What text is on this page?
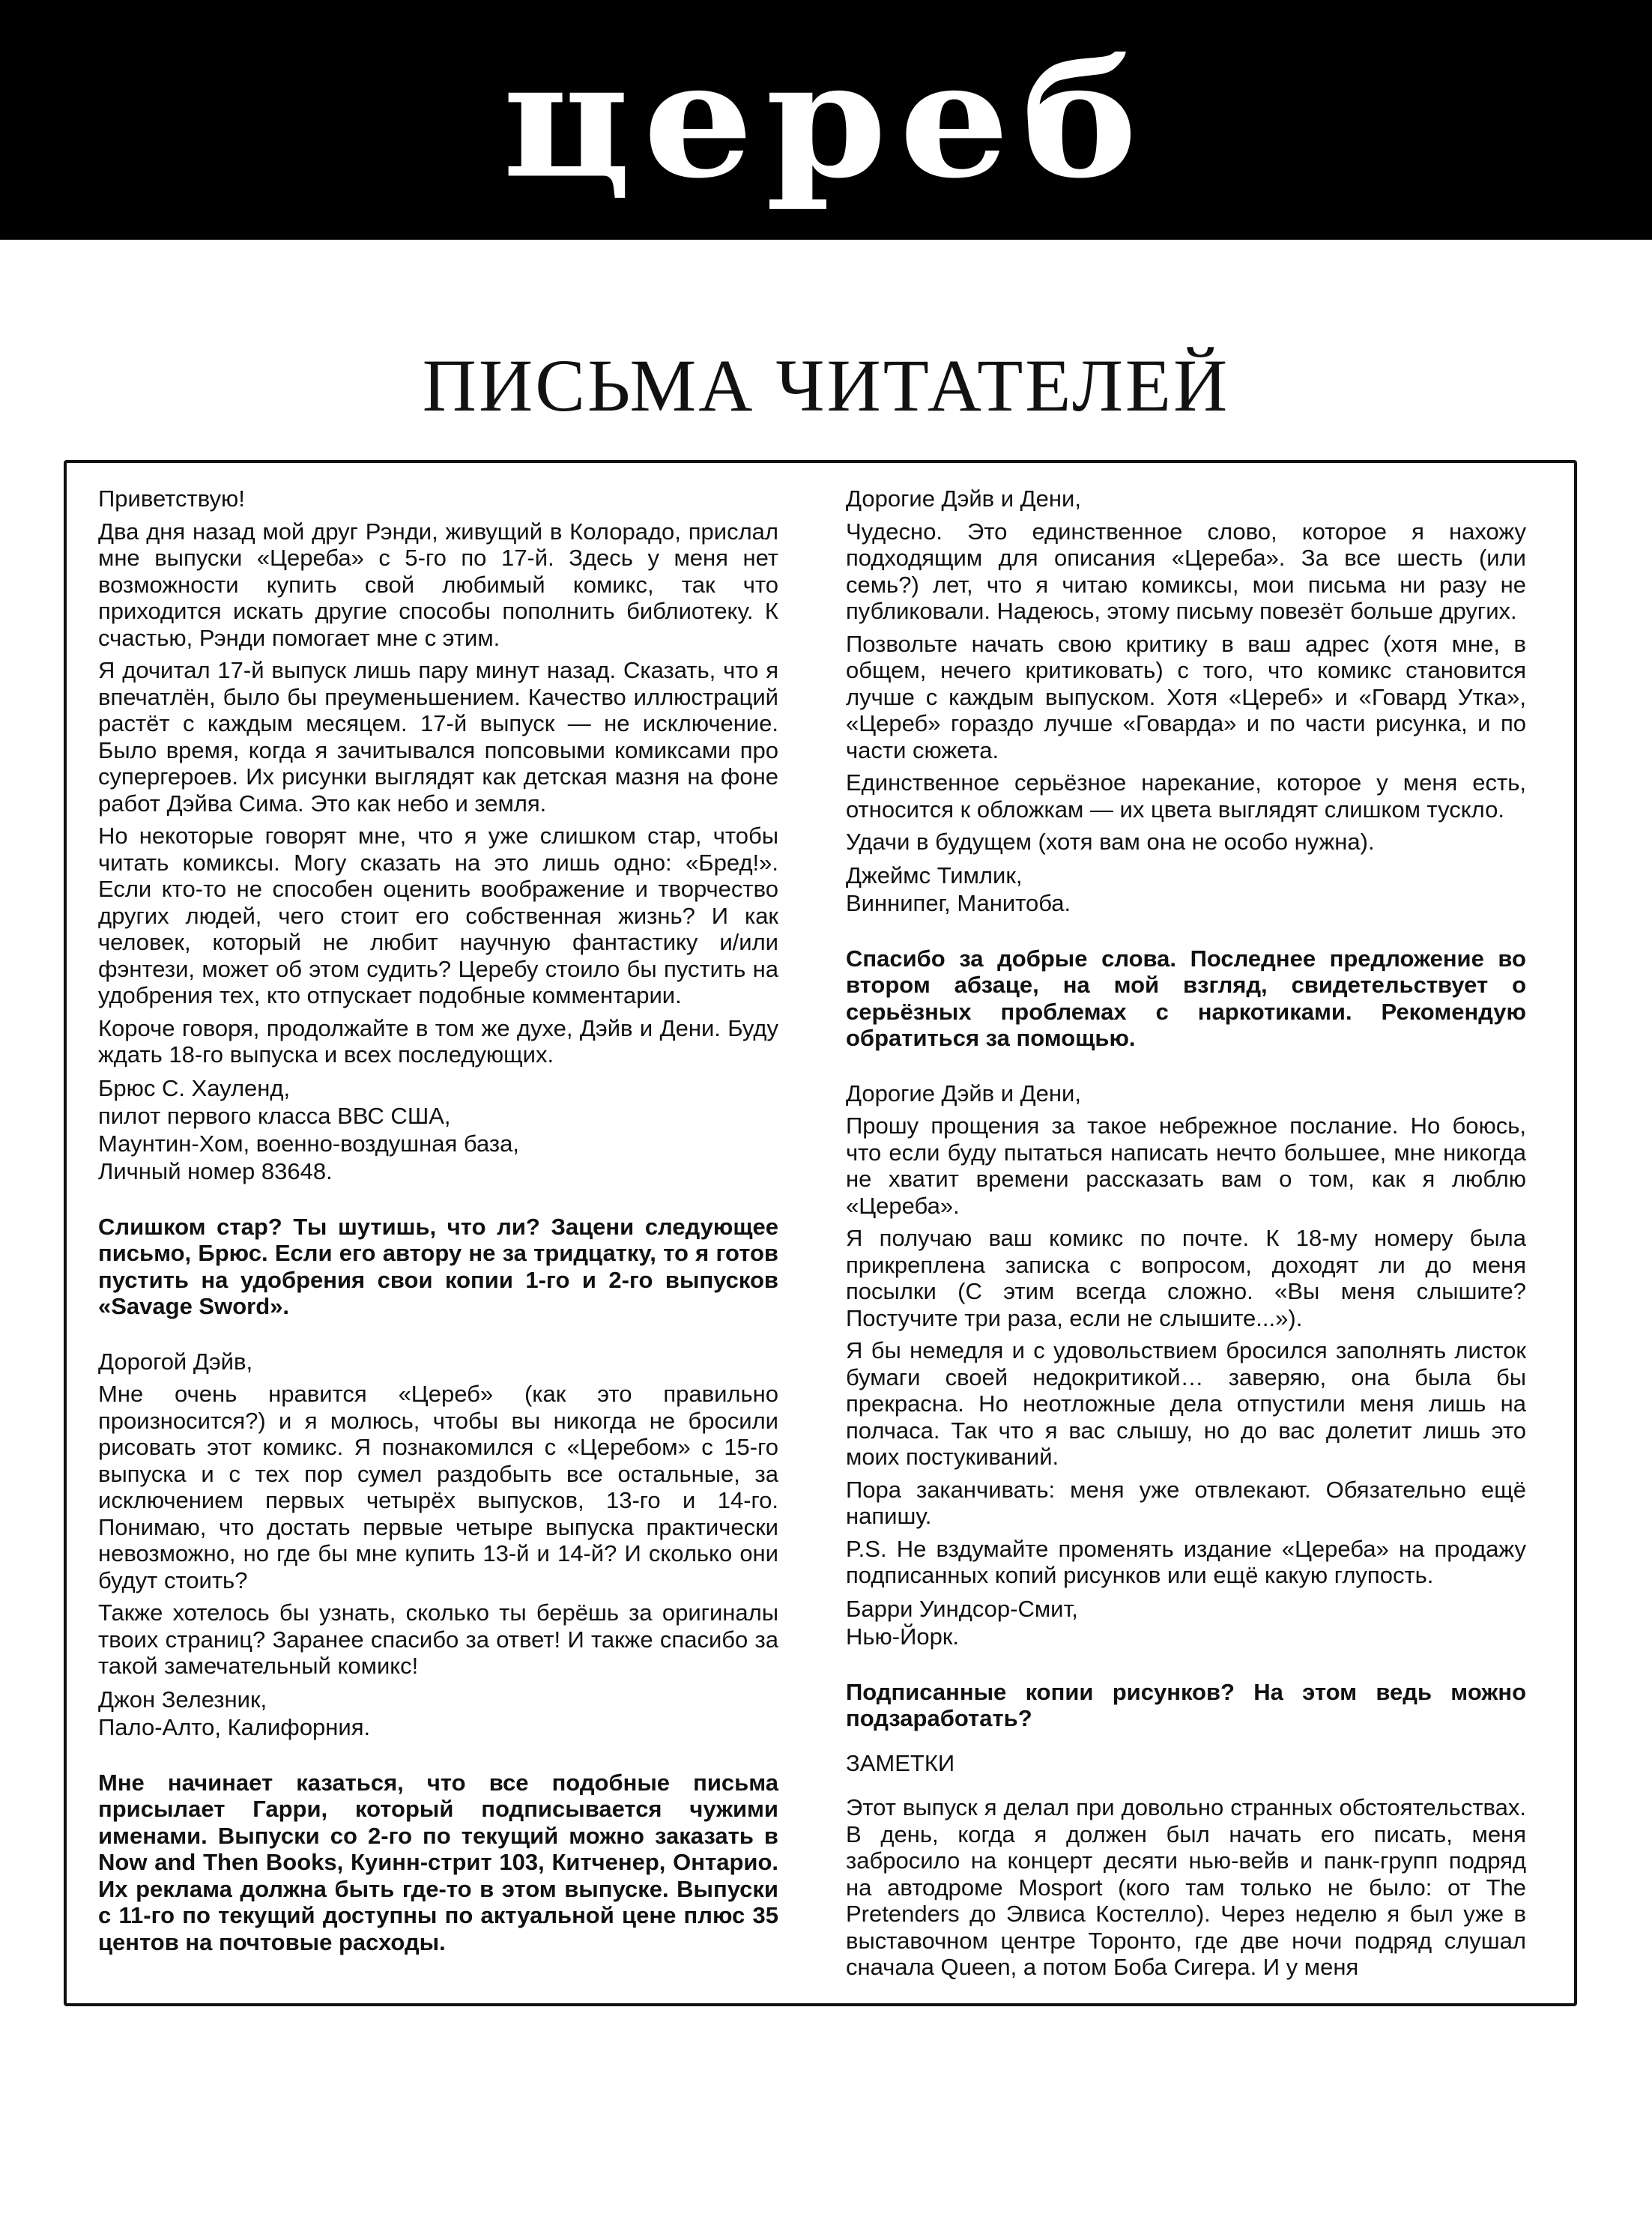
цереб
ПИСЬМА ЧИТАТЕЛЕЙ

Приветствую!

Два дня назад мой друг Рэнди, живущий в Колорадо, прислал мне выпуски «Цереба» с 5-го по 17-й. Здесь у меня нет возможности купить свой любимый комикс, так что приходится искать другие способы пополнить библиотеку. К счастью, Рэнди помогает мне с этим.

Я дочитал 17-й выпуск лишь пару минут назад. Сказать, что я впечатлён, было бы преуменьшением. Качество иллюстраций растёт с каждым месяцем. 17-й выпуск — не исключение. Было время, когда я зачитывался попсовыми комиксами про супергероев. Их рисунки выглядят как детская мазня на фоне работ Дэйва Сима. Это как небо и земля.

Но некоторые говорят мне, что я уже слишком стар, чтобы читать комиксы. Могу сказать на это лишь одно: «Бред!». Если кто-то не способен оценить воображение и творчество других людей, чего стоит его собственная жизнь? И как человек, который не любит научную фантастику и/или фэнтези, может об этом судить? Церебу стоило бы пустить на удобрения тех, кто отпускает подобные комментарии.

Короче говоря, продолжайте в том же духе, Дэйв и Дени. Буду ждать 18-го выпуска и всех последующих.

Брюс С. Хауленд,

пилот первого класса ВВС США,

Маунтин-Хом, военно-воздушная база,

Личный номер 83648.

Слишком стар? Ты шутишь, что ли? Зацени следующее письмо, Брюс. Если его автору не за тридцатку, то я готов пустить на удобрения свои копии 1-го и 2-го выпусков «Savage Sword».

Дорогой Дэйв,

Мне очень нравится «Цереб» (как это правильно произносится?) и я молюсь, чтобы вы никогда не бросили рисовать этот комикс. Я познакомился с «Церебом» с 15-го выпуска и с тех пор сумел раздобыть все остальные, за исключением первых четырёх выпусков, 13-го и 14-го. Понимаю, что достать первые четыре выпуска практически невозможно, но где бы мне купить 13-й и 14-й? И сколько они будут стоить?

Также хотелось бы узнать, сколько ты берёшь за оригиналы твоих страниц? Заранее спасибо за ответ! И также спасибо за такой замечательный комикс!

Джон Зелезник,

Пало-Алто, Калифорния.

Мне начинает казаться, что все подобные письма присылает Гарри, который подписывается чужими именами. Выпуски со 2-го по текущий можно заказать в Now and Then Books, Куинн-стрит 103, Китченер, Онтарио. Их реклама должна быть где-то в этом выпуске. Выпуски с 11-го по текущий доступны по актуальной цене плюс 35 центов на почтовые расходы.

Дорогие Дэйв и Дени,

Чудесно. Это единственное слово, которое я нахожу подходящим для описания «Цереба». За все шесть (или семь?) лет, что я читаю комиксы, мои письма ни разу не публиковали. Надеюсь, этому письму повезёт больше других.

Позвольте начать свою критику в ваш адрес (хотя мне, в общем, нечего критиковать) с того, что комикс становится лучше с каждым выпуском. Хотя «Цереб» и «Говард Утка», «Цереб» гораздо лучше «Говарда» и по части рисунка, и по части сюжета.

Единственное серьёзное нарекание, которое у меня есть, относится к обложкам — их цвета выглядят слишком тускло.

Удачи в будущем (хотя вам она не особо нужна).

Джеймс Тимлик,

Виннипег, Манитоба.

Спасибо за добрые слова. Последнее предложение во втором абзаце, на мой взгляд, свидетельствует о серьёзных проблемах с наркотиками. Рекомендую обратиться за помощью.

Дорогие Дэйв и Дени,

Прошу прощения за такое небрежное послание. Но боюсь, что если буду пытаться написать нечто большее, мне никогда не хватит времени рассказать вам о том, как я люблю «Цереба».

Я получаю ваш комикс по почте. К 18-му номеру была прикреплена записка с вопросом, доходят ли до меня посылки (С этим всегда сложно. «Вы меня слышите? Постучите три раза, если не слышите...»).

Я бы немедля и с удовольствием бросился заполнять листок бумаги своей недокритикой… заверяю, она была бы прекрасна. Но неотложные дела отпустили меня лишь на полчаса. Так что я вас слышу, но до вас долетит лишь это моих постукиваний.

Пора заканчивать: меня уже отвлекают. Обязательно ещё напишу.

P.S. Не вздумайте променять издание «Цереба» на продажу подписанных копий рисунков или ещё какую глупость.

Барри Уиндсор-Смит,

Нью-Йорк.

Подписанные копии рисунков? На этом ведь можно подзаработать?

ЗАМЕТКИ

Этот выпуск я делал при довольно странных обстоятельствах. В день, когда я должен был начать его писать, меня забросило на концерт десяти нью-вейв и панк-групп подряд на автодроме Mosport (кого там только не было: от The Pretenders до Элвиса Костелло). Через неделю я был уже в выставочном центре Торонто, где две ночи подряд слушал сначала Queen, а потом Боба Сигера. И у меня
